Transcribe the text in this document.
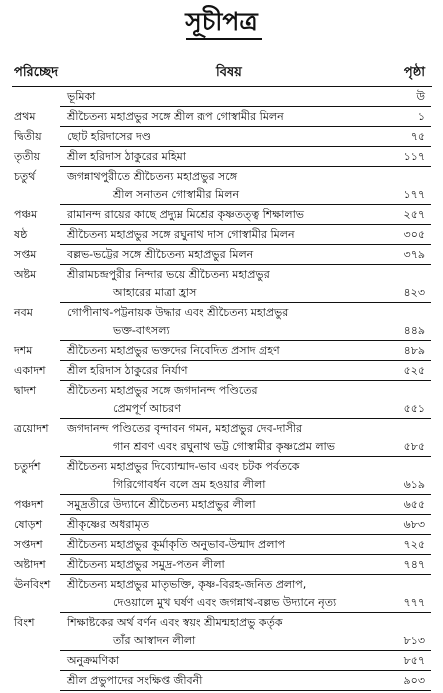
সূচীপত্র
পরিচ্ছেদ	বিষয়	পৃষ্ঠা
ভূমিকা	উ
প্রথম	শ্রীচৈতন্য মহাপ্রভুর সঙ্গে শ্রীল রূপ গোস্বামীর মিলন	১
দ্বিতীয় ছোট হরিদাসের দণ্ড	৭৫
তৃতীয় শ্রীল হরিদাস ঠাকুরের মহিমা	১১৭
চতুর্থ	জগন্নাথপুরীতে শ্রীচৈতন্য মহাপ্রভুর সঙ্গে
শ্রীল সনাতন গোস্বামীর মিলন	১৭৭
পঞ্চম	রামানন্দ রায়ের কাছে প্রদ্যুম্ন মিশ্রের কৃষ্ণতত্ত্ব শিক্ষালাভ	২৫৭
ষষ্ঠ	শ্রীচৈতন্য মহাপ্রভুর সঙ্গে রঘুনাথ দাস গোস্বামীর মিলন	৩০৫
সপ্তম	বল্লভ-ভট্টের সঙ্গে শ্রীচৈতন্য মহাপ্রভুর মিলন	৩৭৯
অষ্টম	শ্রীরামচন্দ্রপুরীর নিন্দার ভয়ে শ্রীচৈতন্য মহাপ্রভুর
আহারের মাত্রা হ্রাস	৪২৩
নবম	গোপীনাথ-পট্টনায়ক উদ্ধার এবং শ্রীচৈতন্য মহাপ্রভুর
ভক্ত-বাৎসল্য	৪৪৯
দশম	শ্রীচৈতন্য মহাপ্রভুর ভক্তদের নিবেদিত প্রসাদ গ্রহণ	৪৮৯
একাদশ শ্রীল হরিদাস ঠাকুরের নির্যাণ	৫২৫
দ্বাদশ	শ্রীচৈতন্য মহাপ্রভুর সঙ্গে জগদানন্দ পণ্ডিতের
প্রেমপূর্ণ আচরণ	৫৫১
ত্রয়োদশ জগদানন্দ পণ্ডিতের বৃন্দাবন গমন, মহাপ্রভুর দেব-দাসীর
গান শ্রবণ এবং রঘুনাথ ভট্ট গোস্বামীর কৃষ্ণপ্রেম লাভ	৫৮৫
চতুর্দশ শ্রীচৈতন্য মহাপ্রভুর দিব্যোন্মাদ-ভাব এবং চটক পর্বতকে
গিরিগোবর্ধন বলে ভ্রম হওয়ার লীলা	৬১৯
পঞ্চদশ সমুদ্রতীরে উদ্যানে শ্রীচৈতন্য মহাপ্রভুর লীলা	৬৫৫
ষোড়শ শ্রীকৃষ্ণের অধরামৃত	৬৮৩
সপ্তদশ শ্রীচৈতন্য মহাপ্রভুর কূর্মাকৃতি অনুভাব-উন্মাদ প্রলাপ	৭২৫
অষ্টাদশ শ্রীচৈতন্য মহাপ্রভুর সমুদ্র-পতন লীলা	৭৪৭
ঊনবিংশ শ্রীচৈতন্য মহাপ্রভুর মাতৃভক্তি, কৃষ্ণ-বিরহ-জনিত প্রলাপ,
দেওয়ালে মুখ ঘর্ষণ এবং জগন্নাথ-বল্লভ উদ্যানে নৃত্য	৭৭৭
বিংশ	শিক্ষাষ্টকের অর্থ বর্ণন এবং স্বয়ং শ্রীমন্মহাপ্রভু কর্তৃক
তাঁর আস্বাদন লীলা	৮১৩
অনুক্রমণিকা	৮৫৭
শ্রীল প্রভুপাদের সংক্ষিপ্ত জীবনী	৯০৩
